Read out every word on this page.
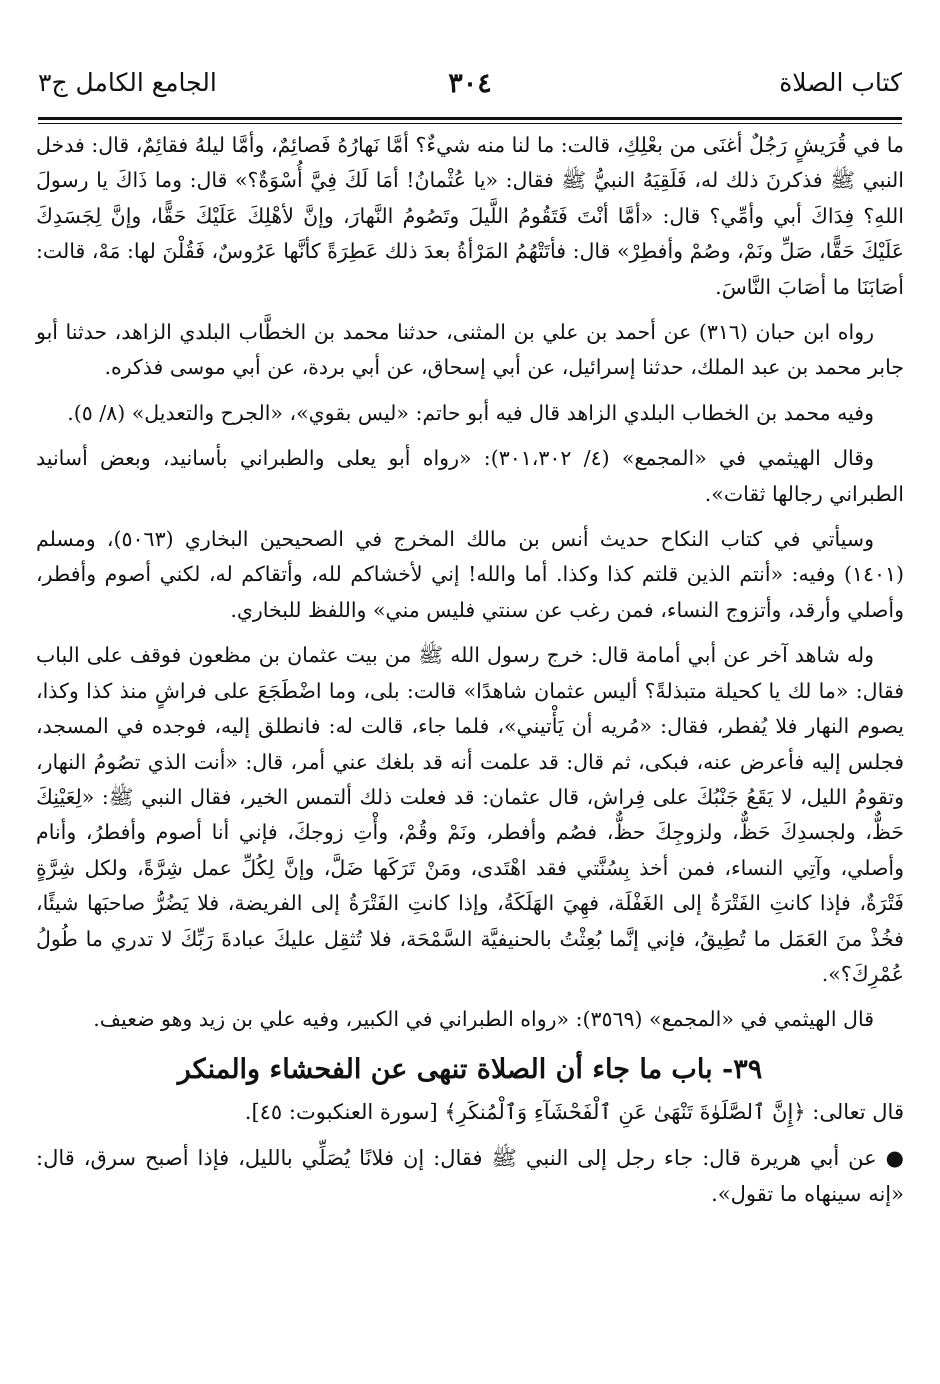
كتاب الصلاة
٣٠٤
الجامع الكامل ج٣

ما في قُرَيشٍ رَجُلٌ أغنَى من بعْلِكِ، قالت: ما لنا منه شيءٌ؟ أمَّا نَهارُهُ فَصائِمٌ، وأمَّا ليلهُ فقائِمٌ، قال: فدخل النبي ﷺ فذكرنَ ذلك له، فَلَقِيَهُ النبيُّ ﷺ فقال: «يا عُثْمانُ! أمَا لَكَ فِيَّ أُسْوَةٌ؟» قال: وما ذَاكَ يا رسولَ اللهِ؟ فِدَاكَ أبي وأمِّي؟ قال: «أمَّا أنْتَ فَتَقُومُ اللَّيلَ وتَصُومُ النَّهارَ، وإنَّ لأهْلِكَ عَلَيْكَ حَقًّا، وإنَّ لِجَسَدِكَ عَلَيْكَ حَقًّا، صَلِّ ونَمْ، وصُمْ وأفطِرْ» قال: فأتَتْهُمُ المَرْأةُ بعدَ ذلك عَطِرَةً كأنَّها عَرُوسٌ، فَقُلْنَ لها: مَهْ، قالت: أصَابَنَا ما أصَابَ النَّاسَ.

رواه ابن حبان (٣١٦) عن أحمد بن علي بن المثنى، حدثنا محمد بن الخطَّاب البلدي الزاهد، حدثنا أبو جابر محمد بن عبد الملك، حدثنا إسرائيل، عن أبي إسحاق، عن أبي بردة، عن أبي موسى فذكره.

وفيه محمد بن الخطاب البلدي الزاهد قال فيه أبو حاتم: «ليس بقوي»، «الجرح والتعديل» (٨/ ٥).

وقال الهيثمي في «المجمع» (٤/ ٣٠١،٣٠٢): «رواه أبو يعلى والطبراني بأسانيد، وبعض أسانيد الطبراني رجالها ثقات».

وسيأتي في كتاب النكاح حديث أنس بن مالك المخرج في الصحيحين البخاري (٥٠٦٣)، ومسلم (١٤٠١) وفيه: «أنتم الذين قلتم كذا وكذا. أما والله! إني لأخشاكم لله، وأتقاكم له، لكني أصوم وأفطر، وأصلي وأرقد، وأتزوج النساء، فمن رغب عن سنتي فليس مني» واللفظ للبخاري.

وله شاهد آخر عن أبي أمامة قال: خرج رسول الله ﷺ من بيت عثمان بن مظعون فوقف على الباب فقال: «ما لك يا كحيلة متبذلةً؟ أليس عثمان شاهدًا» قالت: بلى، وما اضْطَجَعَ على فراشٍ منذ كذا وكذا، يصوم النهار فلا يُفطر، فقال: «مُريه أن يَأْتيني»، فلما جاء، قالت له: فانطلق إليه، فوجده في المسجد، فجلس إليه فأعرض عنه، فبكى، ثم قال: قد علمت أنه قد بلغك عني أمر، قال: «أنت الذي تصُومُ النهار، وتقومُ الليل، لا يَقَعُ جَنْبُكَ على فِراش، قال عثمان: قد فعلت ذلك ألتمس الخير، فقال النبي ﷺ: «لِعَيْنِكَ حَظٌّ، ولجسدِكَ حَظٌّ، ولزوجِكَ حظٌّ، فصُم وأفطر، ونَمْ وقُمْ، وأْتِ زوجكَ، فإني أنا أصوم وأفطرُ، وأنام وأصلي، وآتِي النساء، فمن أخذ بِسُنَّتي فقد اهْتَدى، ومَنْ تَرَكَها ضَلَّ، وإنَّ لِكُلِّ عمل شِرَّةً، ولكل شِرَّةٍ فَتْرَةٌ، فإذا كانتِ الفَتْرَةُ إلى الغَفْلَة، فهِيَ الهَلَكَةُ، وإذا كانتِ الفَتْرَةُ إلى الفريضة، فلا يَضُرُّ صاحبَها شيئًا، فخُذْ منَ العَمَل ما تُطِيقُ، فإني إنَّما بُعِثْتُ بالحنيفيَّة السَّمْحَة، فلا تُثقِل عليكَ عبادةَ رَبِّكَ لا تدري ما طُولُ عُمْرِكَ؟».

قال الهيثمي في «المجمع» (٣٥٦٩): «رواه الطبراني في الكبير، وفيه علي بن زيد وهو ضعيف.

٣٩- باب ما جاء أن الصلاة تنهى عن الفحشاء والمنكر

قال تعالى: ﴿إِنَّ ٱلصَّلَوٰةَ تَنْهَىٰ عَنِ ٱلْفَحْشَآءِ وَٱلْمُنكَرِ﴾ [سورة العنكبوت: ٤٥].

● عن أبي هريرة قال: جاء رجل إلى النبي ﷺ فقال: إن فلانًا يُصَلِّي بالليل، فإذا أصبح سرق، قال: «إنه سينهاه ما تقول».
